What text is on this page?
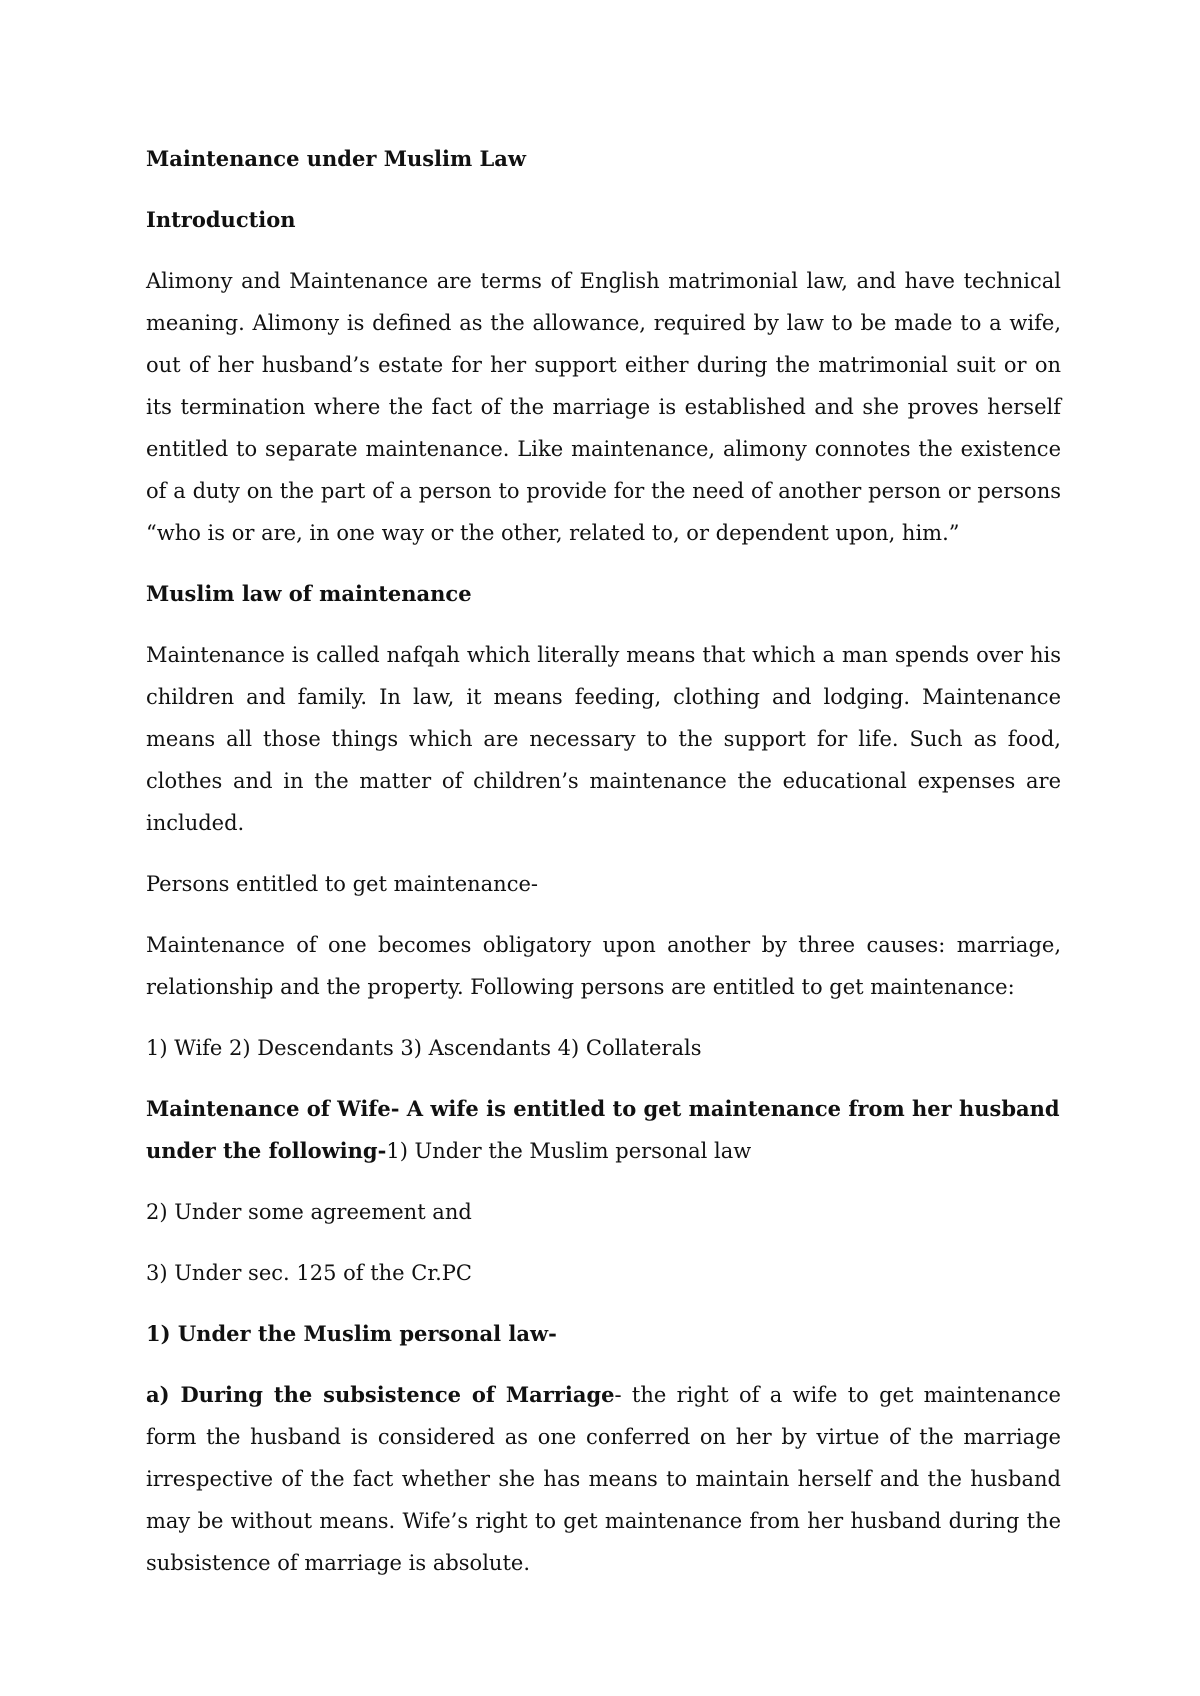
Maintenance under Muslim Law

Introduction

Alimony and Maintenance are terms of English matrimonial law, and have technical meaning. Alimony is defined as the allowance, required by law to be made to a wife, out of her husband’s estate for her support either during the matrimonial suit or on its termination where the fact of the marriage is established and she proves herself entitled to separate maintenance. Like maintenance, alimony connotes the existence of a duty on the part of a person to provide for the need of another person or persons “who is or are, in one way or the other, related to, or dependent upon, him.”

Muslim law of maintenance

Maintenance is called nafqah which literally means that which a man spends over his children and family. In law, it means feeding, clothing and lodging. Maintenance means all those things which are necessary to the support for life. Such as food, clothes and in the matter of children’s maintenance the educational expenses are included.

Persons entitled to get maintenance-

Maintenance of one becomes obligatory upon another by three causes: marriage, relationship and the property. Following persons are entitled to get maintenance:

1) Wife 2) Descendants 3) Ascendants 4) Collaterals

Maintenance of Wife- A wife is entitled to get maintenance from her husband under the following-1) Under the Muslim personal law

2) Under some agreement and

3) Under sec. 125 of the Cr.PC

1) Under the Muslim personal law-

a) During the subsistence of Marriage- the right of a wife to get maintenance form the husband is considered as one conferred on her by virtue of the marriage irrespective of the fact whether she has means to maintain herself and the husband may be without means. Wife’s right to get maintenance from her husband during the subsistence of marriage is absolute.
